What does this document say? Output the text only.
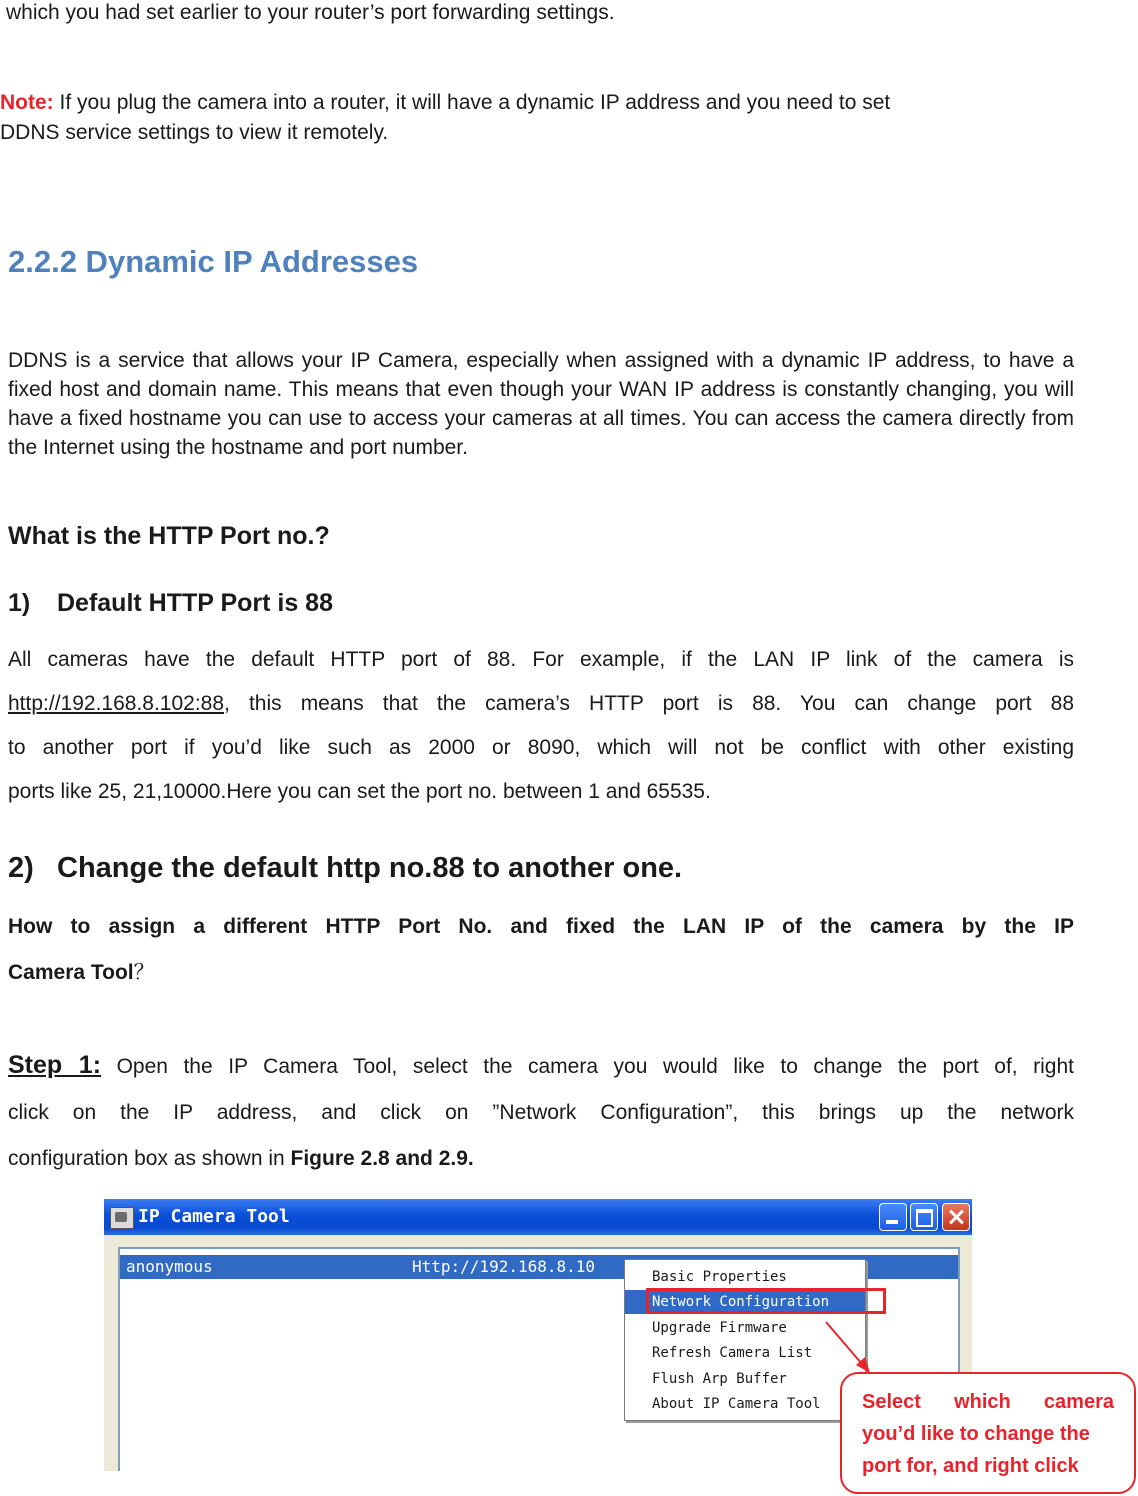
which you had set earlier to your router’s port forwarding settings.

Note: If you plug the camera into a router, it will have a dynamic IP address and you need to set
DDNS service settings to view it remotely.

2.2.2 Dynamic IP Addresses

DDNS is a service that allows your IP Camera, especially when assigned with a dynamic IP address, to have a fixed host and domain name. This means that even though your WAN IP address is constantly changing, you will have a fixed hostname you can use to access your cameras at all times. You can access the camera directly from the Internet using the hostname and port number.

What is the HTTP Port no.?
1) Default HTTP Port is 88

All cameras have the default HTTP port of 88. For example, if the LAN IP link of the camera is
http://192.168.8.102:88, this means that the camera’s HTTP port is 88. You can change port 88
to another port if you’d like such as 2000 or 8090, which will not be conflict with other existing
ports like 25, 21,10000.Here you can set the port no. between 1 and 65535.

2) Change the default http no.88 to another one.

How to assign a different HTTP Port No. and fixed the LAN IP of the camera by the IP
Camera Tool？

Step 1: Open the IP Camera Tool, select the camera you would like to change the port of, right
click on the IP address, and click on ”Network Configuration”, this brings up the network
configuration box as shown in Figure 2.8 and 2.9.

IP Camera Tool
anonymous	Http://192.168.8.10
Basic Properties
Network Configuration
Upgrade Firmware
Refresh Camera List
Flush Arp Buffer
About IP Camera Tool	Select which camera
you’d like to change the
port for, and right click
